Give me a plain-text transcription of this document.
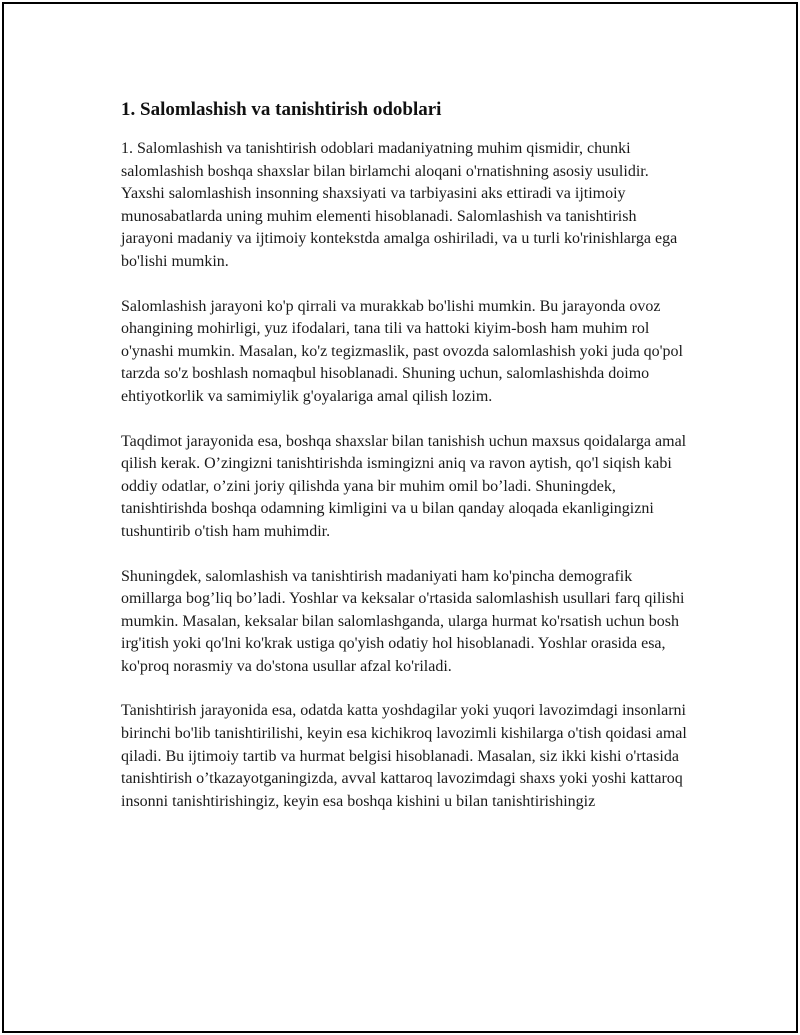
1. Salomlashish va tanishtirish odoblari

1. Salomlashish va tanishtirish odoblari madaniyatning muhim qismidir, chunki salomlashish boshqa shaxslar bilan birlamchi aloqani o'rnatishning asosiy usulidir. Yaxshi salomlashish insonning shaxsiyati va tarbiyasini aks ettiradi va ijtimoiy munosabatlarda uning muhim elementi hisoblanadi. Salomlashish va tanishtirish jarayoni madaniy va ijtimoiy kontekstda amalga oshiriladi, va u turli ko'rinishlarga ega bo'lishi mumkin.

Salomlashish jarayoni ko'p qirrali va murakkab bo'lishi mumkin. Bu jarayonda ovoz ohangining mohirligi, yuz ifodalari, tana tili va hattoki kiyim-bosh ham muhim rol o'ynashi mumkin. Masalan, ko'z tegizmaslik, past ovozda salomlashish yoki juda qo'pol tarzda so'z boshlash nomaqbul hisoblanadi. Shuning uchun, salomlashishda doimo ehtiyotkorlik va samimiylik g'oyalariga amal qilish lozim.

Taqdimot jarayonida esa, boshqa shaxslar bilan tanishish uchun maxsus qoidalarga amal qilish kerak. O’zingizni tanishtirishda ismingizni aniq va ravon aytish, qo'l siqish kabi oddiy odatlar, o’zini joriy qilishda yana bir muhim omil bo’ladi. Shuningdek, tanishtirishda boshqa odamning kimligini va u bilan qanday aloqada ekanligingizni tushuntirib o'tish ham muhimdir.

Shuningdek, salomlashish va tanishtirish madaniyati ham ko'pincha demografik omillarga bog’liq bo’ladi. Yoshlar va keksalar o'rtasida salomlashish usullari farq qilishi mumkin. Masalan, keksalar bilan salomlashganda, ularga hurmat ko'rsatish uchun bosh irg'itish yoki qo'lni ko'krak ustiga qo'yish odatiy hol hisoblanadi. Yoshlar orasida esa, ko'proq norasmiy va do'stona usullar afzal ko'riladi.

Tanishtirish jarayonida esa, odatda katta yoshdagilar yoki yuqori lavozimdagi insonlarni birinchi bo'lib tanishtirilishi, keyin esa kichikroq lavozimli kishilarga o'tish qoidasi amal qiladi. Bu ijtimoiy tartib va hurmat belgisi hisoblanadi. Masalan, siz ikki kishi o'rtasida tanishtirish o’tkazayotganingizda, avval kattaroq lavozimdagi shaxs yoki yoshi kattaroq insonni tanishtirishingiz, keyin esa boshqa kishini u bilan tanishtirishingiz
